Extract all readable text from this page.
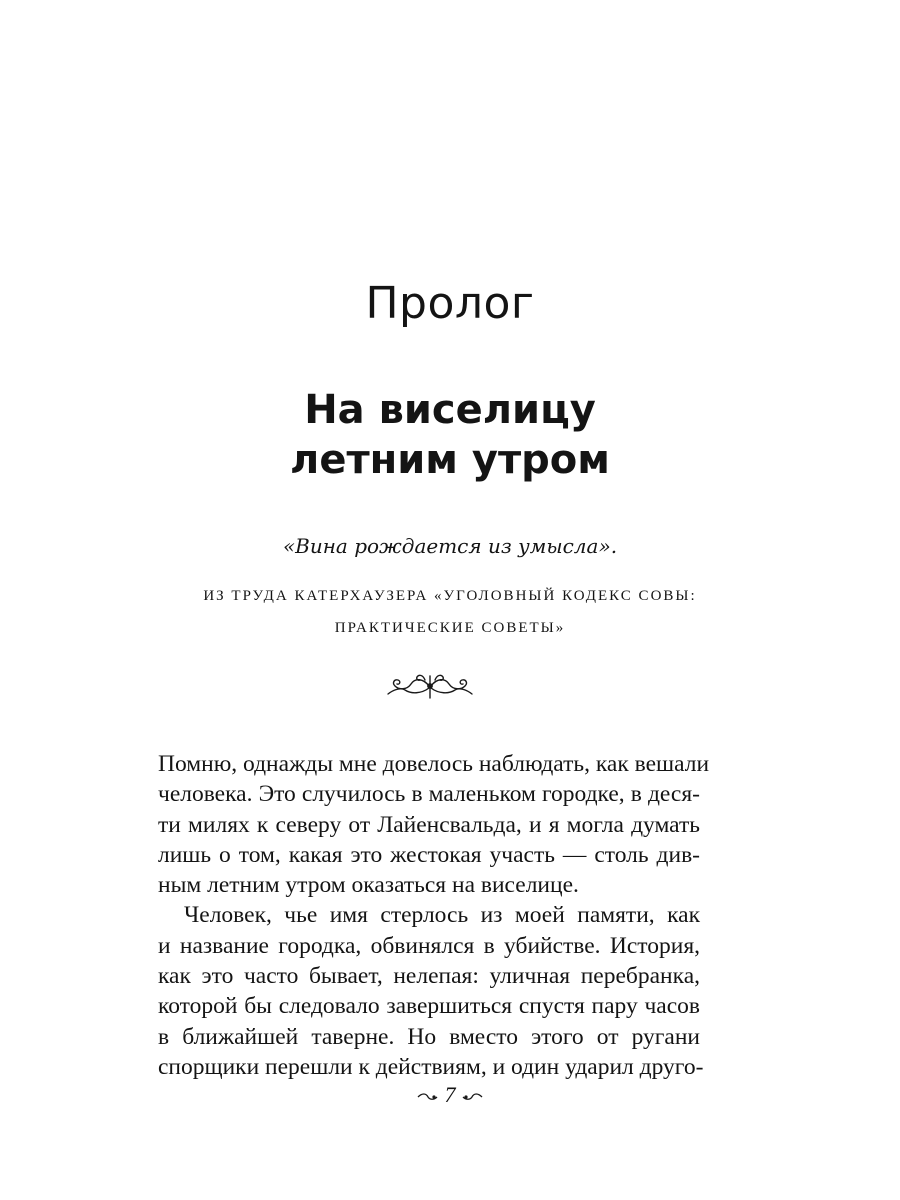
Пролог
На виселицу
летним утром
«Вина рождается из умысла».
ИЗ ТРУДА КАТЕРХАУЗЕРА «УГОЛОВНЫЙ КОДЕКС СОВЫ:
ПРАКТИЧЕСКИЕ СОВЕТЫ»
Помню, однажды мне довелось наблюдать, как вешали
человека. Это случилось в маленьком городке, в деся-
ти милях к северу от Лайенсвальда, и я могла думать
лишь о том, какая это жестокая участь — столь див-
ным летним утром оказаться на виселице.
Человек, чье имя стерлось из моей памяти, как
и название городка, обвинялся в убийстве. История,
как это часто бывает, нелепая: уличная перебранка,
которой бы следовало завершиться спустя пару часов
в ближайшей таверне. Но вместо этого от ругани
спорщики перешли к действиям, и один ударил друго-
7
